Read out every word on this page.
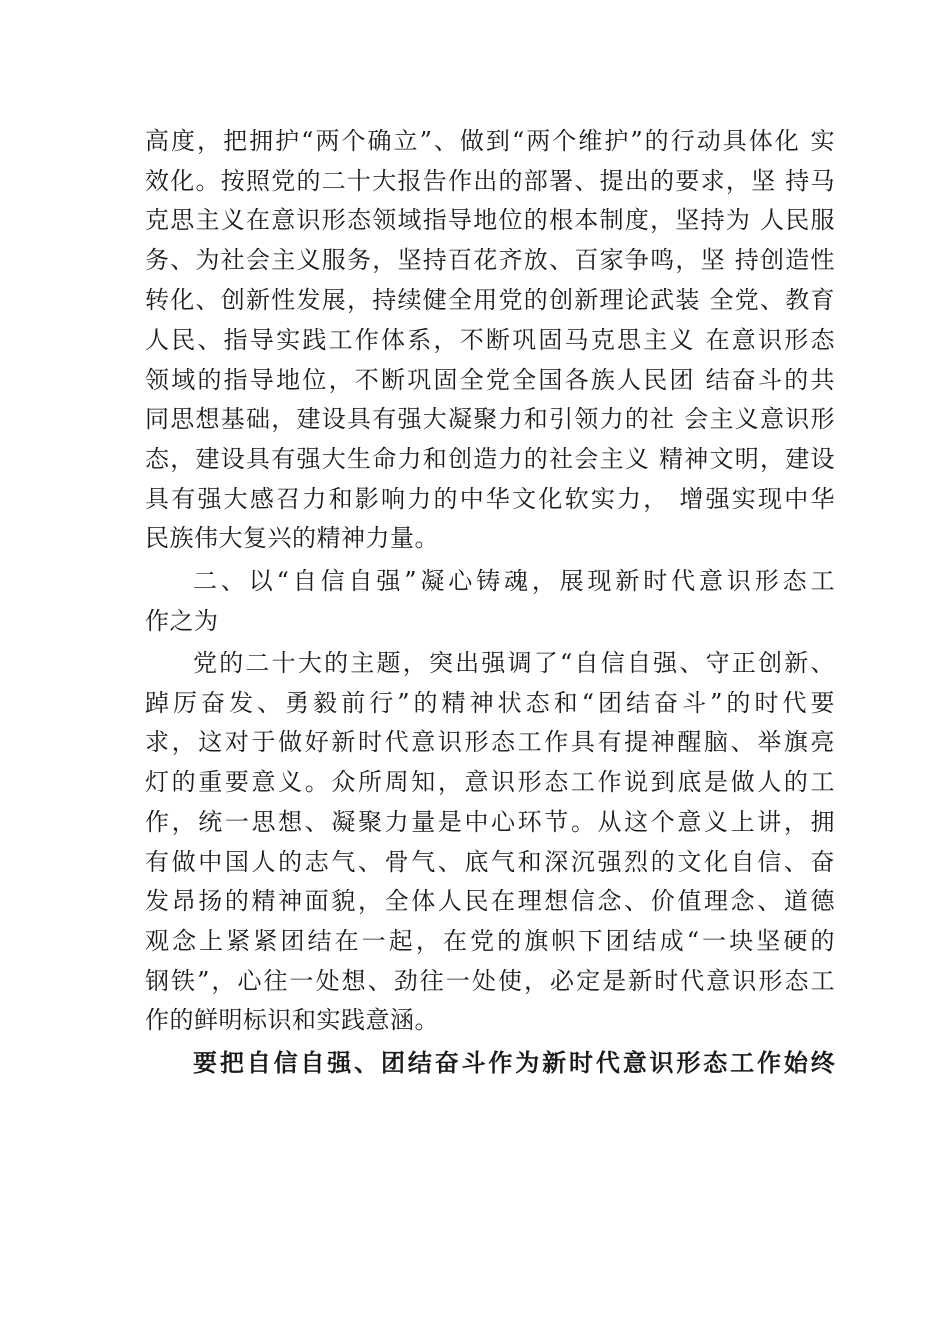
高度，把拥护“两个确立”、做到“两个维护”的行动具体化 实
效化。按照党的二十大报告作出的部署、提出的要求，坚 持马
克思主义在意识形态领域指导地位的根本制度，坚持为 人民服
务、为社会主义服务，坚持百花齐放、百家争鸣，坚 持创造性
转化、创新性发展，持续健全用党的创新理论武装 全党、教育
人民、指导实践工作体系，不断巩固马克思主义 在意识形态
领域的指导地位，不断巩固全党全国各族人民团 结奋斗的共
同思想基础，建设具有强大凝聚力和引领力的社 会主义意识形
态，建设具有强大生命力和创造力的社会主义 精神文明，建设
具有强大感召力和影响力的中华文化软实力， 增强实现中华
民族伟大复兴的精神力量。
二、以“自信自强”凝心铸魂，展现新时代意识形态工
作之为
党的二十大的主题，突出强调了“自信自强、守正创新、
踔厉奋发、勇毅前行”的精神状态和“团结奋斗”的时代要
求，这对于做好新时代意识形态工作具有提神醒脑、举旗亮
灯的重要意义。众所周知，意识形态工作说到底是做人的工
作，统一思想、凝聚力量是中心环节。从这个意义上讲，拥
有做中国人的志气、骨气、底气和深沉强烈的文化自信、奋
发昂扬的精神面貌，全体人民在理想信念、价值理念、道德
观念上紧紧团结在一起，在党的旗帜下团结成“一块坚硬的
钢铁”，心往一处想、劲往一处使，必定是新时代意识形态工
作的鲜明标识和实践意涵。
要把自信自强、团结奋斗作为新时代意识形态工作始终
